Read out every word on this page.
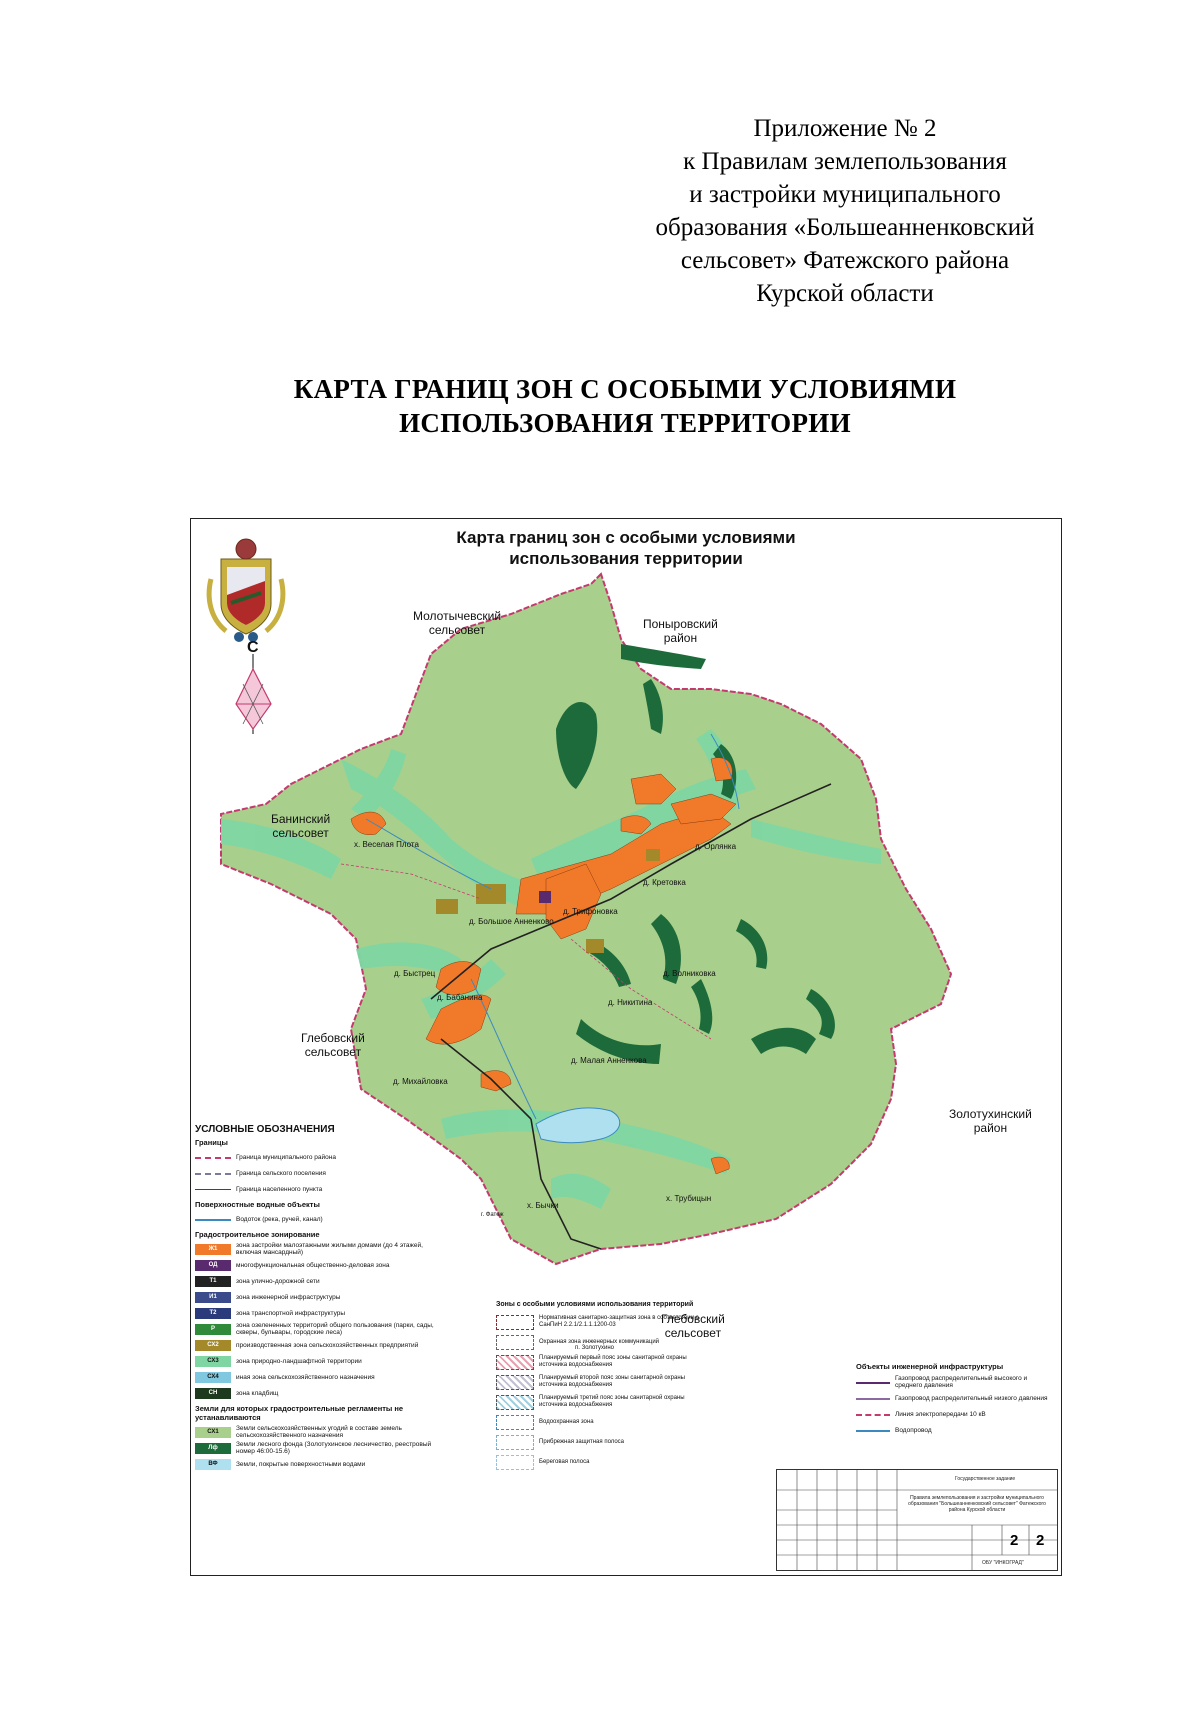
Приложение № 2
к Правилам землепользования
и застройки муниципального
образования «Большеанненковский
сельсовет» Фатежского района
Курской области
КАРТА ГРАНИЦ ЗОН С ОСОБЫМИ УСЛОВИЯМИ
ИСПОЛЬЗОВАНИЯ ТЕРРИТОРИИ
Карта границ зон с особыми условиями
использования территории
С
Молотычевский
сельсовет	Поныровский
район
Банинский
сельсовет
Глебовский
сельсовет
Золотухинский
район
Глебовский
сельсовет
х. Веселая Плота
д. Большое Анненково
д. Трифоновка
д. Кретовка
д. Орлянка
д. Быстрец
д. Бабанина
д. Никитина
д. Волниковка
д. Малая Анненкова
д. Михайловка
х. Бычки
х. Трубицын
п. Золотухино
г. Фатеж
УСЛОВНЫЕ ОБОЗНАЧЕНИЯ
Границы
Граница муниципального района
Граница сельского поселения
Граница населенного пункта
Поверхностные водные объекты
Водоток (река, ручей, канал)
Градостроительное зонирование
Ж1	зона застройки малоэтажными жилыми домами (до 4 этажей, включая мансардный)
ОД	многофункциональная общественно-деловая зона
Т1	зона улично-дорожной сети
И1	зона инженерной инфраструктуры
Т2	зона транспортной инфраструктуры
Р	зона озелененных территорий общего пользования (парки, сады, скверы, бульвары, городские леса)
СХ2	производственная зона сельскохозяйственных предприятий
СХ3	зона природно-ландшафтной территории
СХ4	иная зона сельскохозяйственного назначения
СН	зона кладбищ
Земли для которых градостроительные регламенты не устанавливаются
СХ1	Земли сельскохозяйственных угодий в составе земель сельскохозяйственного назначения
Лф	Земли лесного фонда (Золотухинское лесничество, реестровый номер 46:00-15.6)
ВФ	Земли, покрытые поверхностными водами
Зоны с особыми условиями использования территорий
Нормативная санитарно-защитная зона в соответствии с СанПиН 2.2.1/2.1.1.1200-03
Охранная зона инженерных коммуникаций
Планируемый первый пояс зоны санитарной охраны источника водоснабжения
Планируемый второй пояс зоны санитарной охраны источника водоснабжения
Планируемый третий пояс зоны санитарной охраны источника водоснабжения
Водоохранная зона
Прибрежная защитная полоса
Береговая полоса
Объекты инженерной инфраструктуры
Газопровод распределительный высокого и среднего давления
Газопровод распределительный низкого давления
Линия электропередачи 10 кВ
Водопровод
Государственное задание
Правила землепользования и застройки муниципального образования "Большеанненковский сельсовет" Фатежского района Курской области
2 2
ОБУ "ИНКОГРАД"
